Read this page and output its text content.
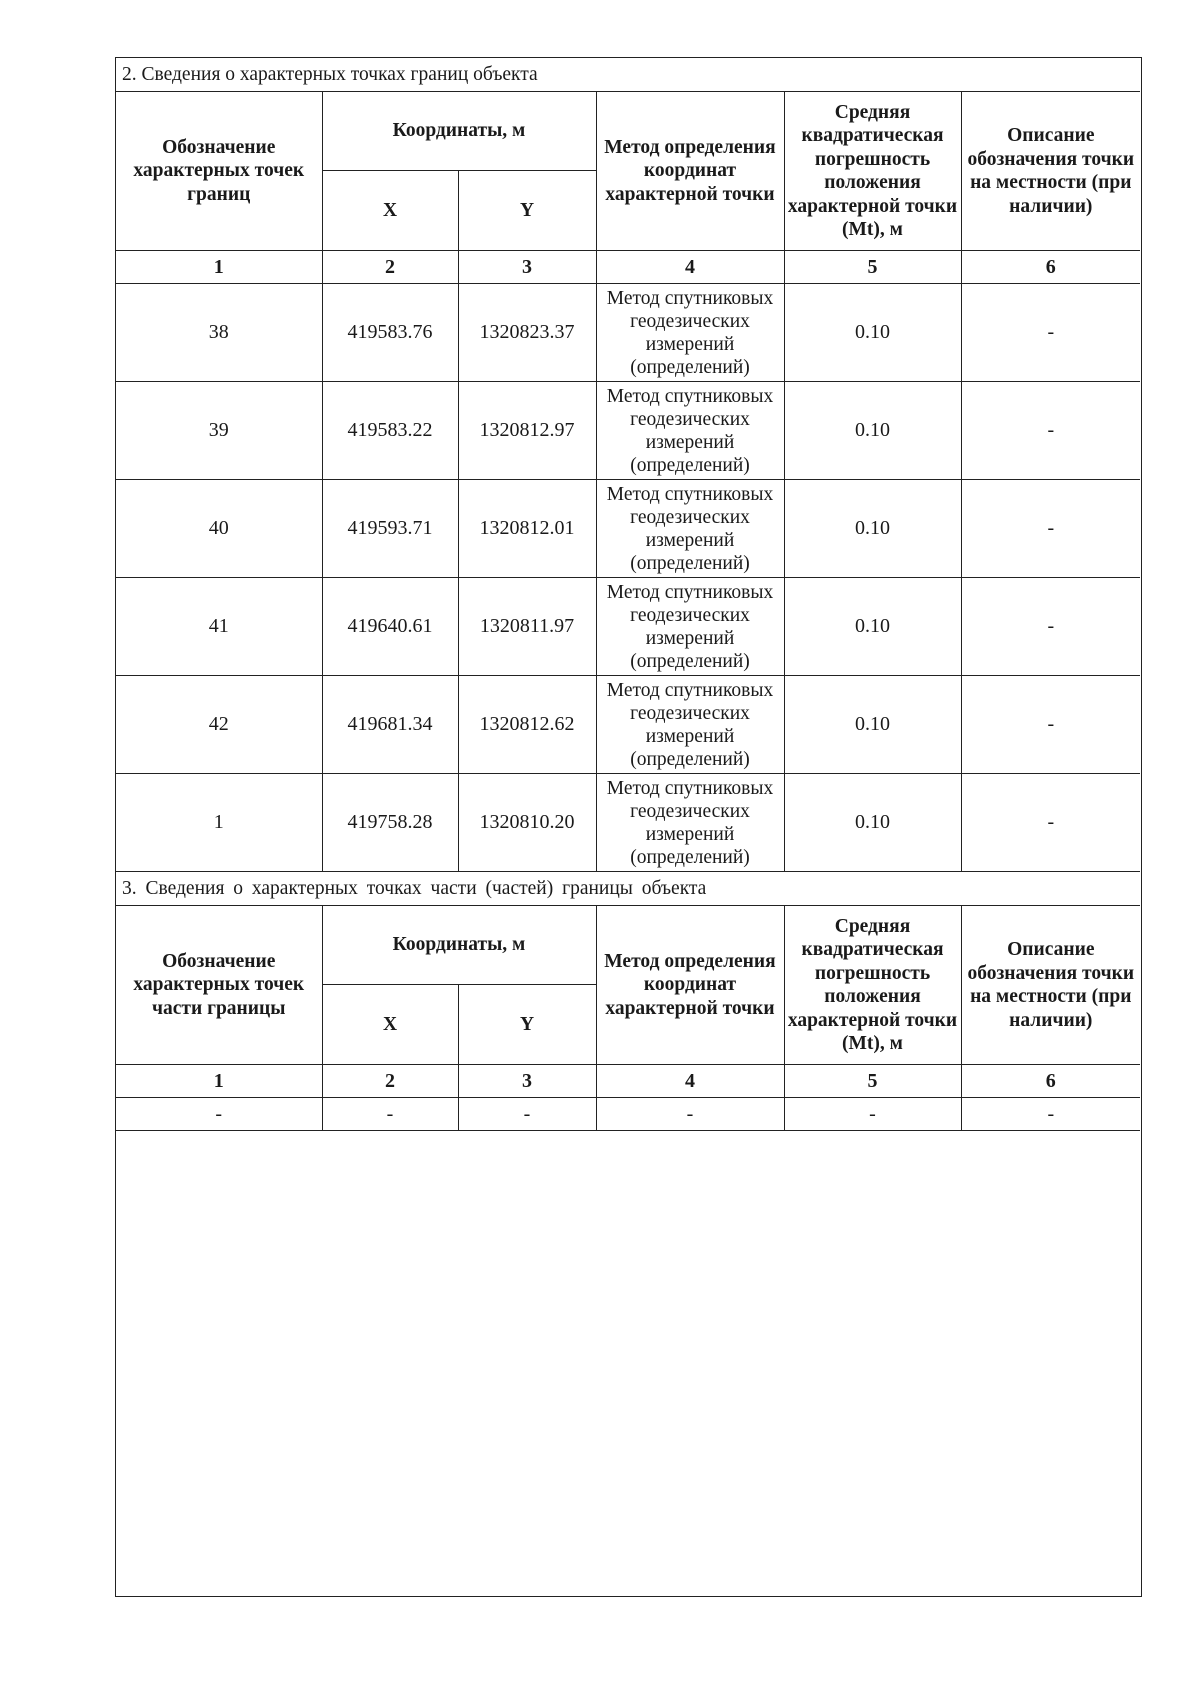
2. Сведения о характерных точках границ объекта					
Обозначение характерных точек границ	Координаты, м		Метод определения координат характерной точки	Средняя квадратическая погрешность положения характерной точки (Mt), м	Описание обозначения точки на местности (при наличии)
	X	Y			
1	2	3	4	5	6
38	419583.76	1320823.37	Метод спутниковых геодезических измерений (определений)	0.10	-
39	419583.22	1320812.97	Метод спутниковых геодезических измерений (определений)	0.10	-
40	419593.71	1320812.01	Метод спутниковых геодезических измерений (определений)	0.10	-
41	419640.61	1320811.97	Метод спутниковых геодезических измерений (определений)	0.10	-
42	419681.34	1320812.62	Метод спутниковых геодезических измерений (определений)	0.10	-
1	419758.28	1320810.20	Метод спутниковых геодезических измерений (определений)	0.10	-
3. Сведения о характерных точках части (частей) границы объекта					
Обозначение характерных точек части границы	Координаты, м		Метод определения координат характерной точки	Средняя квадратическая погрешность положения характерной точки (Mt), м	Описание обозначения точки на местности (при наличии)
	X	Y			
1	2	3	4	5	6
-	-	-	-	-	-
